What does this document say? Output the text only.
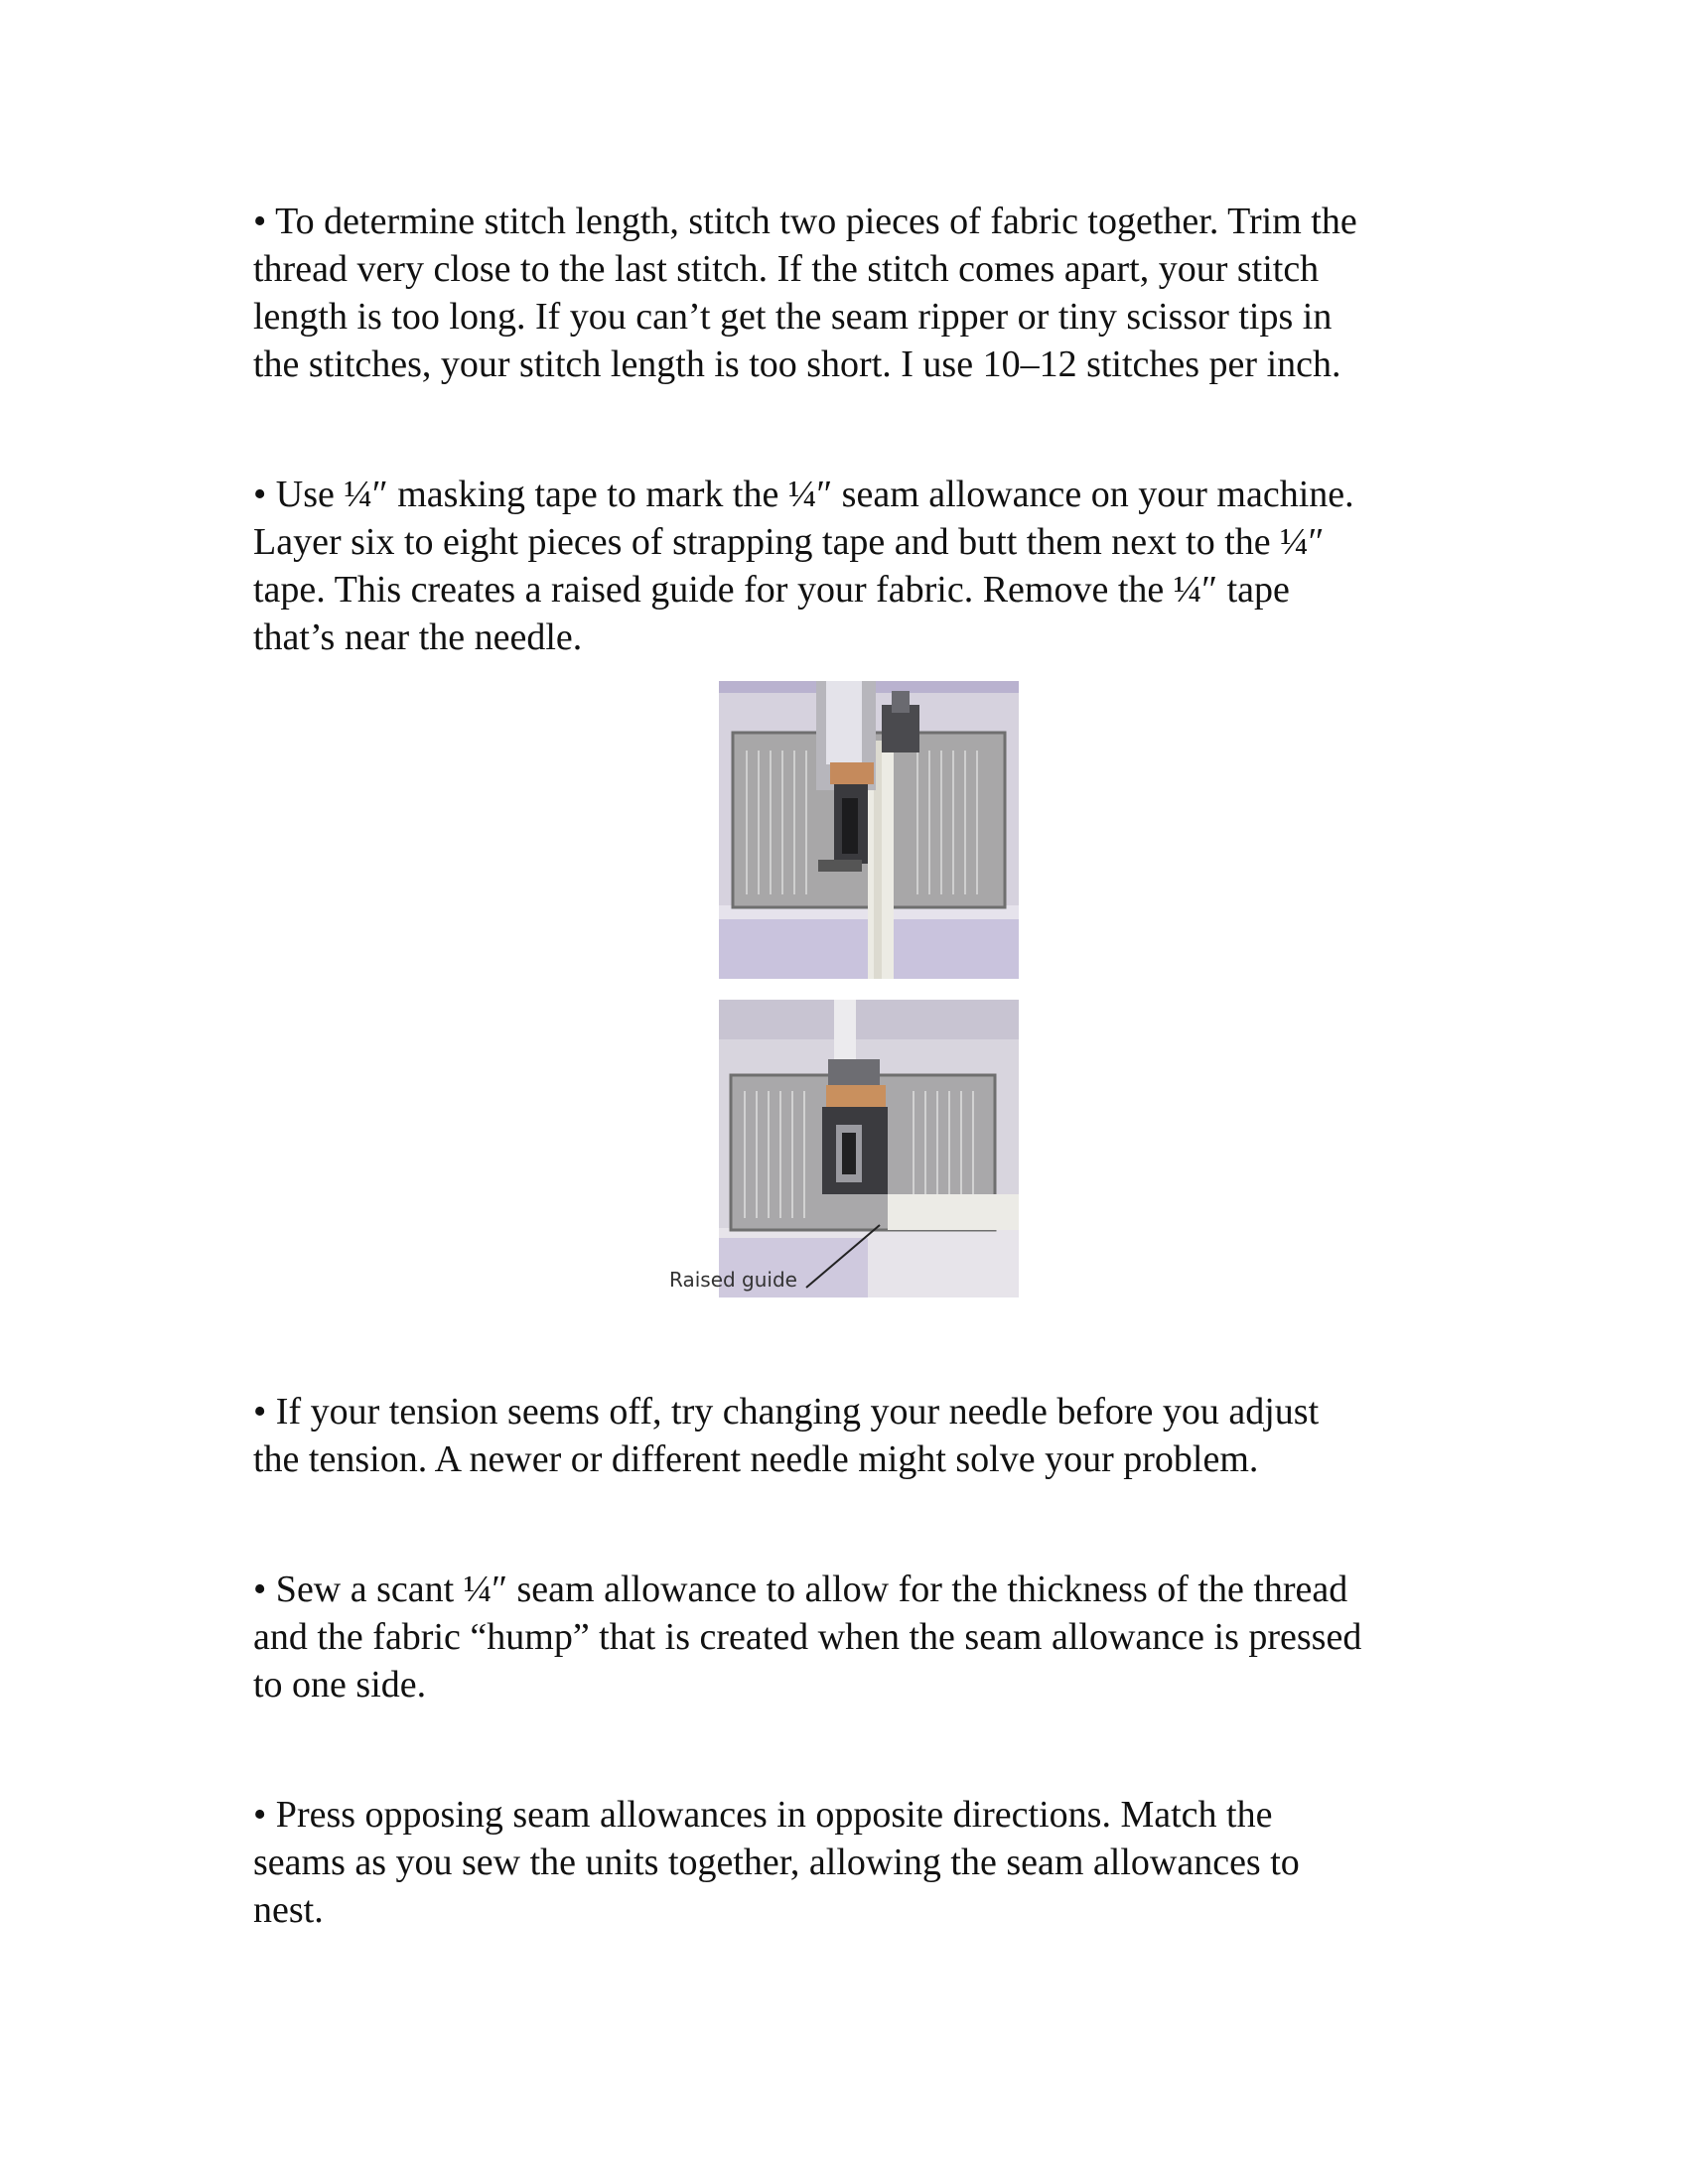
• To determine stitch length, stitch two pieces of fabric together. Trim the
thread very close to the last stitch. If the stitch comes apart, your stitch
length is too long. If you can’t get the seam ripper or tiny scissor tips in
the stitches, your stitch length is too short. I use 10–12 stitches per inch.

• Use ¼″ masking tape to mark the ¼″ seam allowance on your machine.
Layer six to eight pieces of strapping tape and butt them next to the ¼″
tape. This creates a raised guide for your fabric. Remove the ¼″ tape
that’s near the needle.

Raised guide

• If your tension seems off, try changing your needle before you adjust
the tension. A newer or different needle might solve your problem.

• Sew a scant ¼″ seam allowance to allow for the thickness of the thread
and the fabric “hump” that is created when the seam allowance is pressed
to one side.

• Press opposing seam allowances in opposite directions. Match the
seams as you sew the units together, allowing the seam allowances to
nest.
